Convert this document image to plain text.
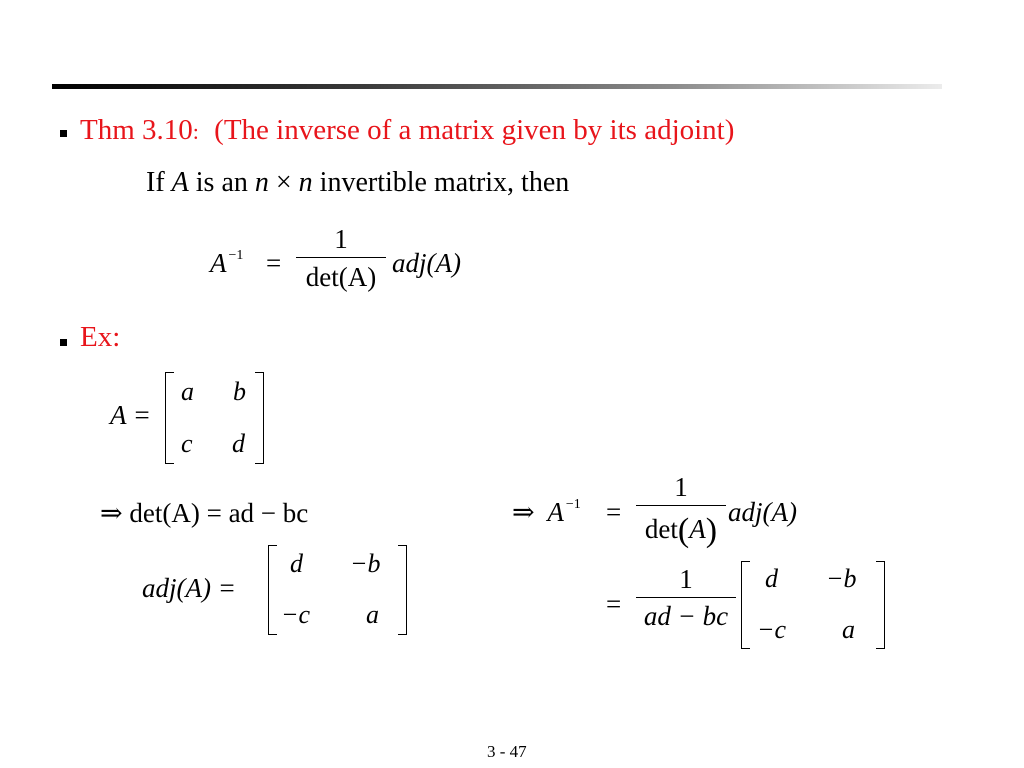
Thm 3.10: (The inverse of a matrix given by its adjoint)
If A is an n × n invertible matrix, then
A $^{-1}$ =
1
det(A) adj(A)
Ex:
A =
a b
c d
⇒ det(A) = ad − bc
adj(A) =
d −b
−c a
⇒ A $^{-1}$ =
1
det(A)
adj(A)
=
1
ad − bc
d −b
−c a
3 - 47
